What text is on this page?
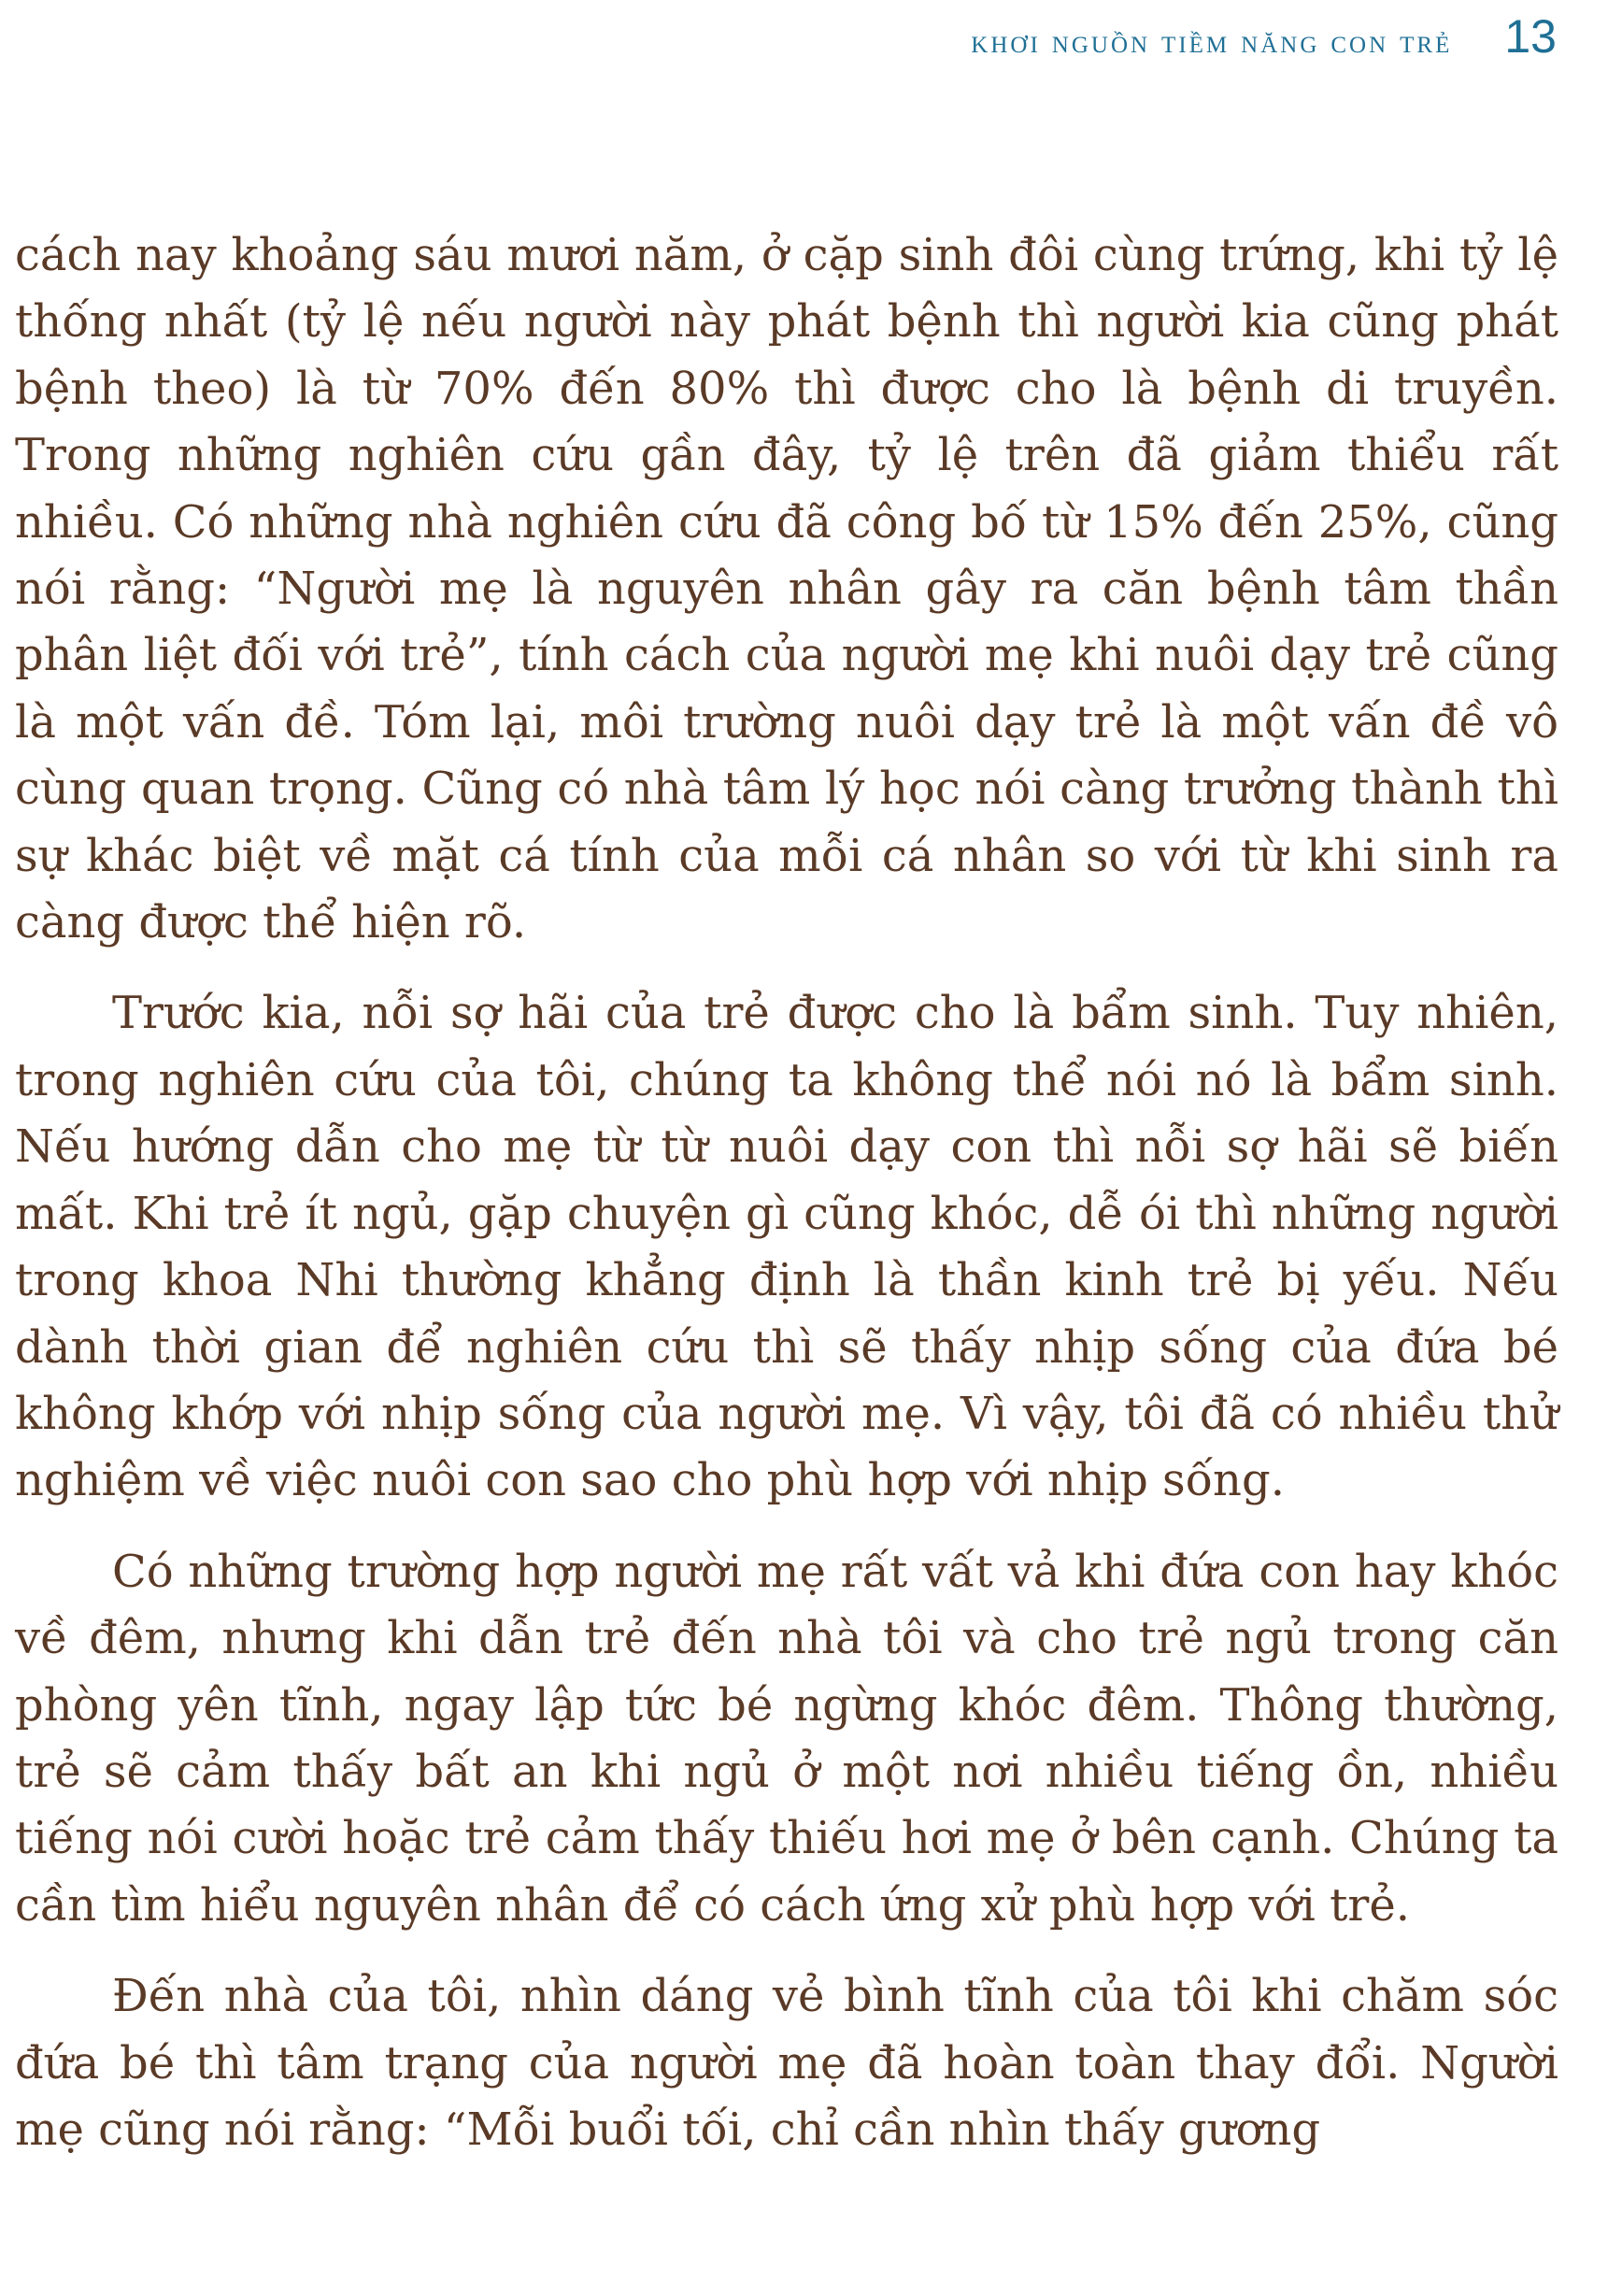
khơi nguồn tiềm năng con trẻ 13

cách nay khoảng sáu mươi năm, ở cặp sinh đôi cùng trứng, khi tỷ lệ thống nhất (tỷ lệ nếu người này phát bệnh thì người kia cũng phát bệnh theo) là từ 70% đến 80% thì được cho là bệnh di truyền. Trong những nghiên cứu gần đây, tỷ lệ trên đã giảm thiểu rất nhiều. Có những nhà nghiên cứu đã công bố từ 15% đến 25%, cũng nói rằng: “Người mẹ là nguyên nhân gây ra căn bệnh tâm thần phân liệt đối với trẻ”, tính cách của người mẹ khi nuôi dạy trẻ cũng là một vấn đề. Tóm lại, môi trường nuôi dạy trẻ là một vấn đề vô cùng quan trọng. Cũng có nhà tâm lý học nói càng trưởng thành thì sự khác biệt về mặt cá tính của mỗi cá nhân so với từ khi sinh ra càng được thể hiện rõ.

Trước kia, nỗi sợ hãi của trẻ được cho là bẩm sinh. Tuy nhiên, trong nghiên cứu của tôi, chúng ta không thể nói nó là bẩm sinh. Nếu hướng dẫn cho mẹ từ từ nuôi dạy con thì nỗi sợ hãi sẽ biến mất. Khi trẻ ít ngủ, gặp chuyện gì cũng khóc, dễ ói thì những người trong khoa Nhi thường khẳng định là thần kinh trẻ bị yếu. Nếu dành thời gian để nghiên cứu thì sẽ thấy nhịp sống của đứa bé không khớp với nhịp sống của người mẹ. Vì vậy, tôi đã có nhiều thử nghiệm về việc nuôi con sao cho phù hợp với nhịp sống.

Có những trường hợp người mẹ rất vất vả khi đứa con hay khóc về đêm, nhưng khi dẫn trẻ đến nhà tôi và cho trẻ ngủ trong căn phòng yên tĩnh, ngay lập tức bé ngừng khóc đêm. Thông thường, trẻ sẽ cảm thấy bất an khi ngủ ở một nơi nhiều tiếng ồn, nhiều tiếng nói cười hoặc trẻ cảm thấy thiếu hơi mẹ ở bên cạnh. Chúng ta cần tìm hiểu nguyên nhân để có cách ứng xử phù hợp với trẻ.

Đến nhà của tôi, nhìn dáng vẻ bình tĩnh của tôi khi chăm sóc đứa bé thì tâm trạng của người mẹ đã hoàn toàn thay đổi. Người mẹ cũng nói rằng: “Mỗi buổi tối, chỉ cần nhìn thấy gương
